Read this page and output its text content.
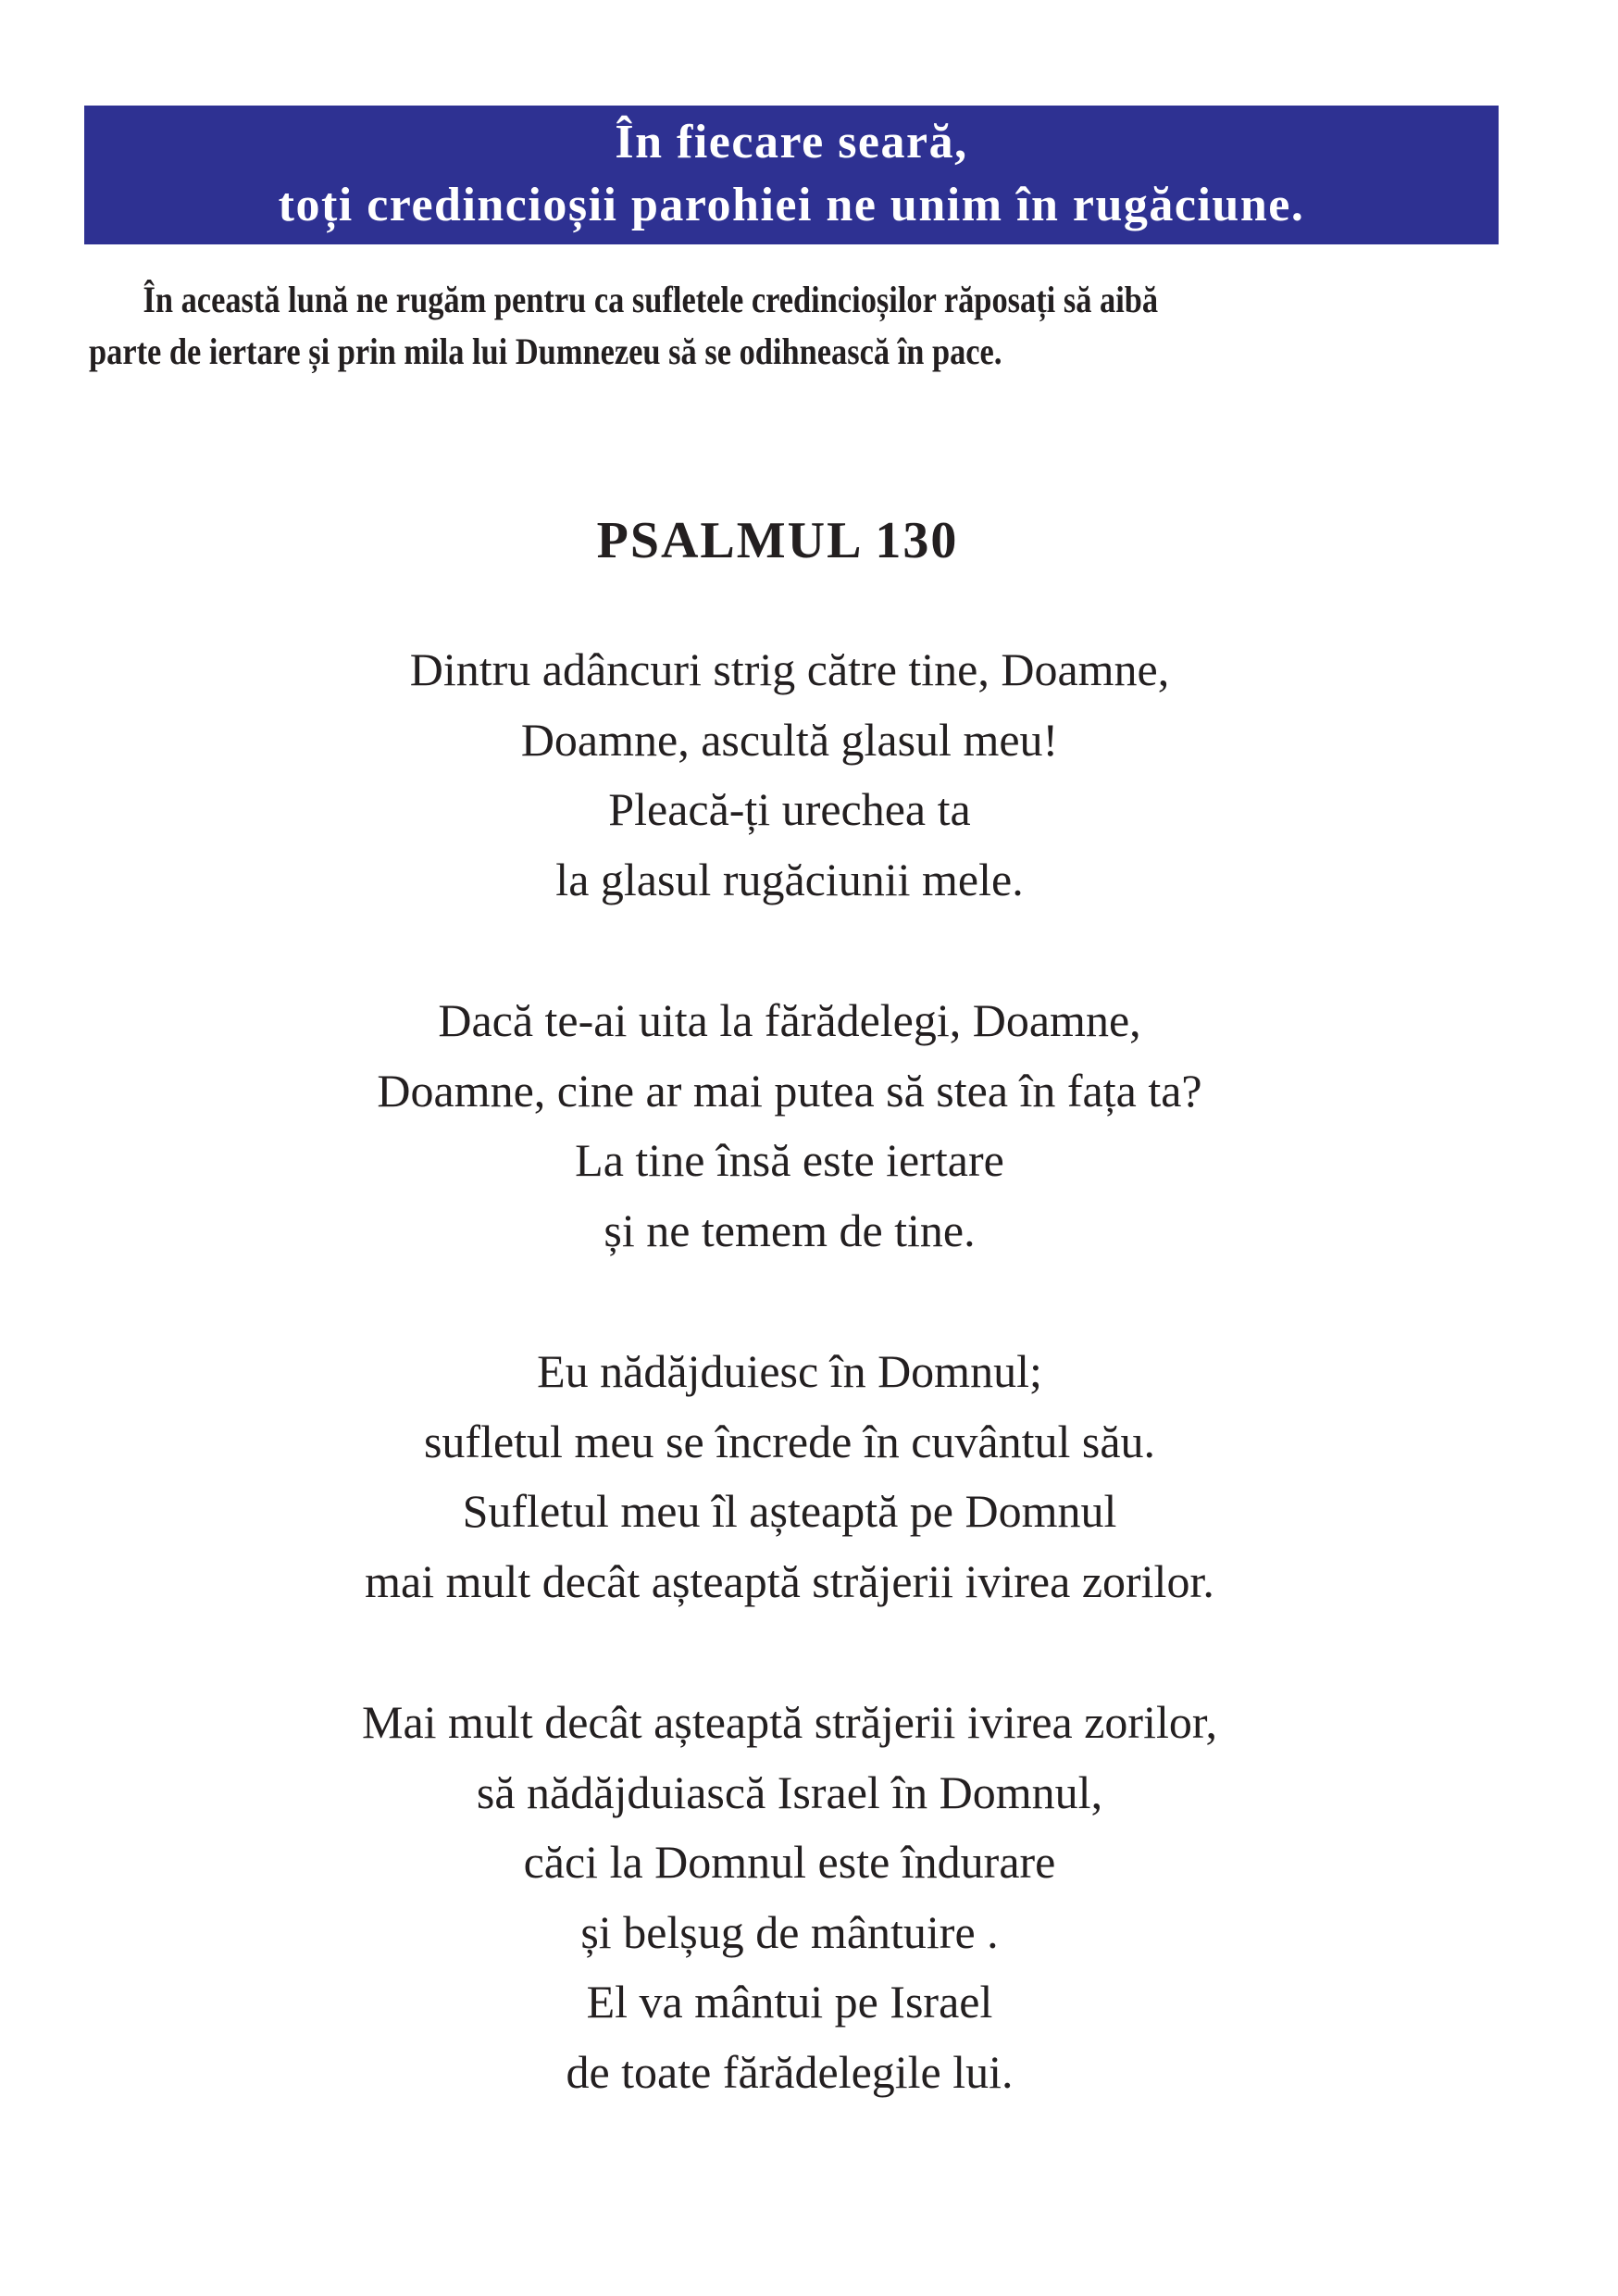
În fiecare seară,
toți credincioșii parohiei ne unim în rugăciune.
În această lună ne rugăm pentru ca sufletele credincioșilor răposați să aibă
parte de iertare și prin mila lui Dumnezeu să se odihnească în pace.
PSALMUL 130
Dintru adâncuri strig către tine, Doamne,
Doamne, ascultă glasul meu!
Pleacă-ți urechea ta
la glasul rugăciunii mele.
Dacă te-ai uita la fărădelegi, Doamne,
Doamne, cine ar mai putea să stea în fața ta?
La tine însă este iertare
și ne temem de tine.
Eu nădăjduiesc în Domnul;
sufletul meu se încrede în cuvântul său.
Sufletul meu îl așteaptă pe Domnul
mai mult decât așteaptă străjerii ivirea zorilor.
Mai mult decât așteaptă străjerii ivirea zorilor,
să nădăjduiască Israel în Domnul,
căci la Domnul este îndurare
și belșug de mântuire .
El va mântui pe Israel
de toate fărădelegile lui.
